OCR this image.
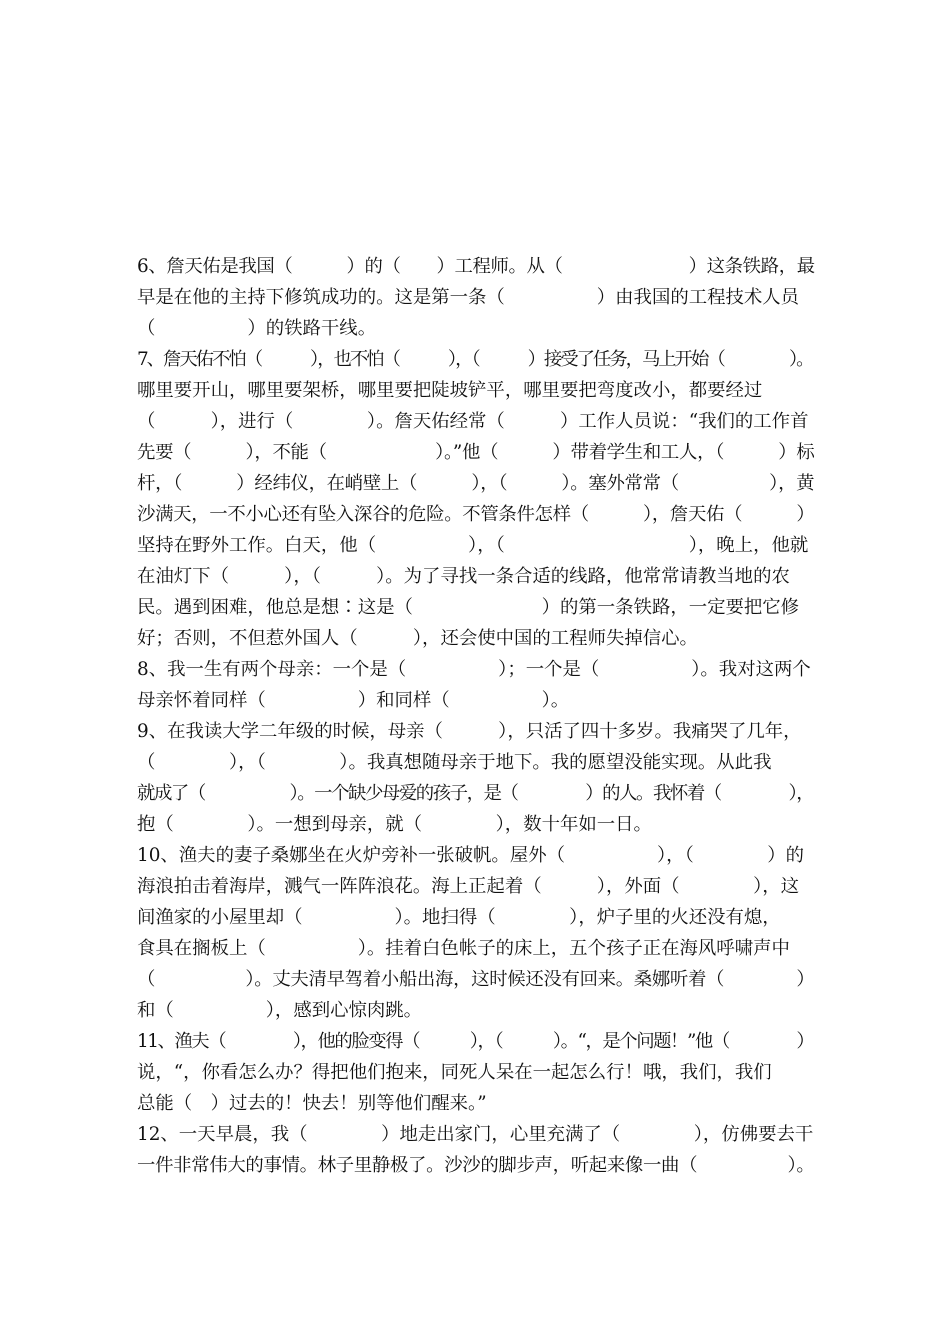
6、詹天佑是我国（　　　）的（　　）工程师。从（　　　　　　　）这条铁路，最
早是在他的主持下修筑成功的。这是第一条（　　　　　）由我国的工程技术人员
（　　　　　）的铁路干线。
7、詹天佑不怕（　　　），也不怕（　　　），（　　　）接受了任务，马上开始（　　　　）。
哪里要开山，哪里要架桥，哪里要把陡坡铲平，哪里要把弯度改小，都要经过
（　　　），进行（　　　　）。詹天佑经常（　　　）工作人员说：“我们的工作首
先要（　　　），不能（　　　　　　）。”他（　　　）带着学生和工人，（　　　）标
杆，（　　　）经纬仪，在峭壁上（　　　），（　　　）。塞外常常（　　　　　），黄
沙满天，一不小心还有坠入深谷的危险。不管条件怎样（　　　），詹天佑（　　　）
坚持在野外工作。白天，他（　　　　　），（　　　　　　　　　　），晚上，他就
在油灯下（　　　），（　　　）。为了寻找一条合适的线路，他常常请教当地的农
民。遇到困难，他总是想∶这是（　　　　　　　）的第一条铁路，一定要把它修
好；否则，不但惹外国人（　　　），还会使中国的工程师失掉信心。
8、我一生有两个母亲：一个是（　　　　　）；一个是（　　　　　）。我对这两个
母亲怀着同样（　　　　　）和同样（　　　　　）。
9、在我读大学二年级的时候，母亲（　　　），只活了四十多岁。我痛哭了几年，
（　　　　），（　　　　）。我真想随母亲于地下。我的愿望没能实现。从此我
就成了（　　　　　）。一个缺少母爱的孩子，是（　　　　）的人。我怀着（　　　　），
抱（　　　　）。一想到母亲，就（　　　　），数十年如一日。
10、渔夫的妻子桑娜坐在火炉旁补一张破帆。屋外（　　　　　），（　　　　）的
海浪拍击着海岸，溅气一阵阵浪花。海上正起着（　　　），外面（　　　　），这
间渔家的小屋里却（　　　　　）。地扫得（　　　　），炉子里的火还没有熄，
食具在搁板上（　　　　　）。挂着白色帐子的床上，五个孩子正在海风呼啸声中
（　　　　　）。丈夫清早驾着小船出海，这时候还没有回来。桑娜听着（　　　　）
和（　　　　　），感到心惊肉跳。
11、渔夫（　　　　），他的脸变得（　　　），（　　　）。“，是个问题！”他（　　　　）
说，“，你看怎么办？得把他们抱来，同死人呆在一起怎么行！哦，我们，我们
总能（　）过去的！快去！别等他们醒来。”
12、一天早晨，我（　　　　）地走出家门，心里充满了（　　　　），仿佛要去干
一件非常伟大的事情。林子里静极了。沙沙的脚步声，听起来像一曲（　　　　　）。
